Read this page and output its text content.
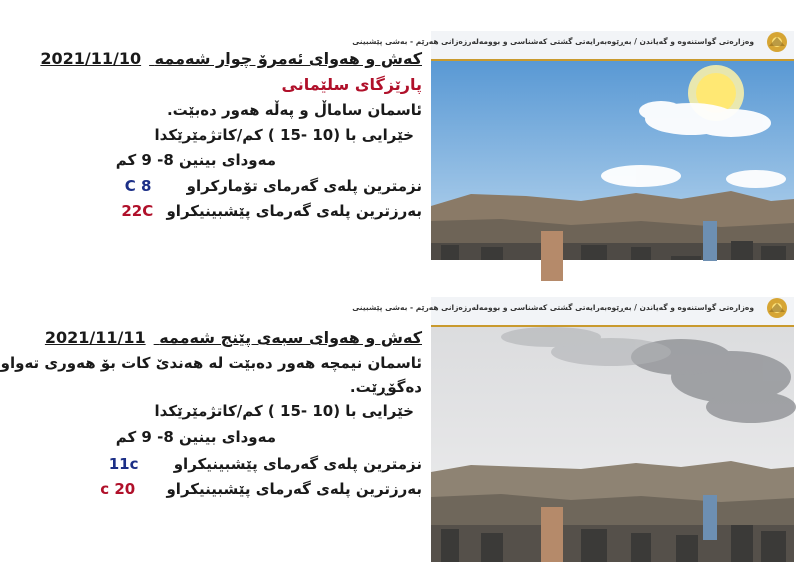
کەش و هەوای ئەمرۆ چوار شەممە 2021/11/10
پارێزگای سلێمانی
ئاسمان ساماڵ و پەڵە هەور دەبێت.
خێرایی با (10 -15 ) کم/کاتژمێرێکدا
مەودای بینین 8- 9 کم
نزمترین پلەی گەرمای تۆمارکراو 8 C
بەرزترین پلەی گەرمای پێشبینیکراو 22C
وەزارەتی گواستنەوە و گەیاندن / بەڕێوەبەرایەتی گشتی کەشناسی و بوومەلەرزەزانی هەرێم - بەشی پێشبینی
کەش و هەوای سبەی پێنج شەممە 2021/11/11
ئاسمان نیمچە هەور دەبێت لە هەندێ کات بۆ هەوری تەواو
دەگۆڕێت.
خێرایی با (10 -15 ) کم/کاتژمێرێکدا
مەودای بینین 8- 9 کم
نزمترین پلەی گەرمای پێشبینیکراو 11c
بەرزترین پلەی گەرمای پێشبینیکراو 20 c
وەزارەتی گواستنەوە و گەیاندن / بەڕێوەبەرایەتی گشتی کەشناسی و بوومەلەرزەزانی هەرێم - بەشی پێشبینی
